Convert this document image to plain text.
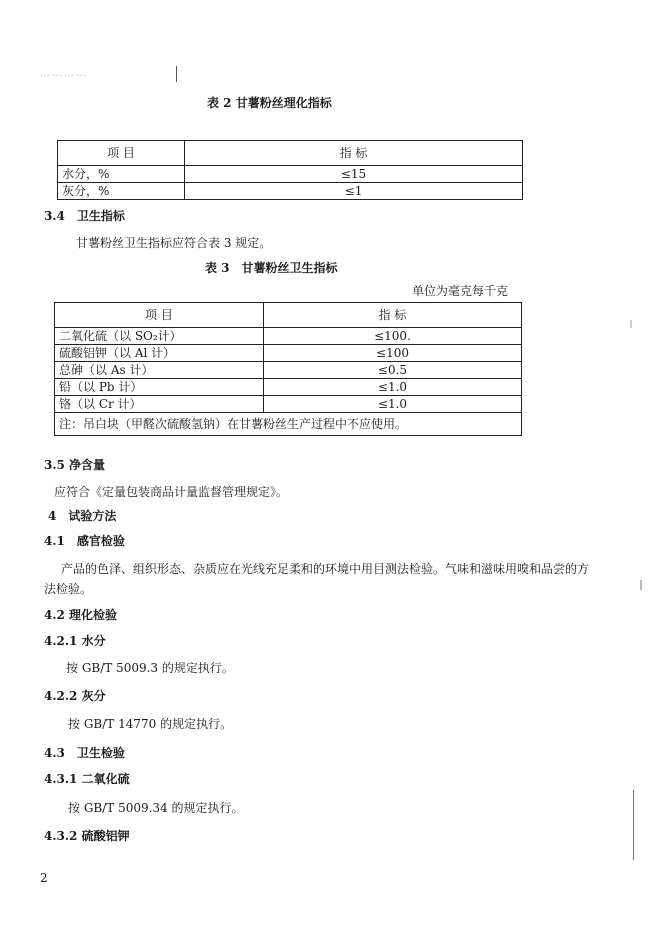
…………
表 2 甘薯粉丝理化指标
项 目	指 标
水分，%	≤15
灰分，%	≤1
3.4　卫生指标
甘薯粉丝卫生指标应符合表 3 规定。
表 3　甘薯粉丝卫生指标
单位为毫克每千克
项 目	指 标
二氧化硫（以 SO₂计）	≤100.
硫酸铝钾（以 Al 计）	≤100
总砷（以 As 计）	≤0.5
铅（以 Pb 计）	≤1.0
铬（以 Cr 计）	≤1.0
注：吊白块（甲醛次硫酸氢钠）在甘薯粉丝生产过程中不应使用。	
3.5 净含量
应符合《定量包装商品计量监督管理规定》。
4　试验方法
4.1　感官检验
产品的色泽、组织形态、杂质应在光线充足柔和的环境中用目测法检验。气味和滋味用嗅和品尝的方
法检验。
4.2 理化检验
4.2.1 水分
按 GB/T 5009.3 的规定执行。
4.2.2 灰分
按 GB/T 14770 的规定执行。
4.3　卫生检验
4.3.1 二氧化硫
按 GB/T 5009.34 的规定执行。
4.3.2 硫酸铝钾
2
